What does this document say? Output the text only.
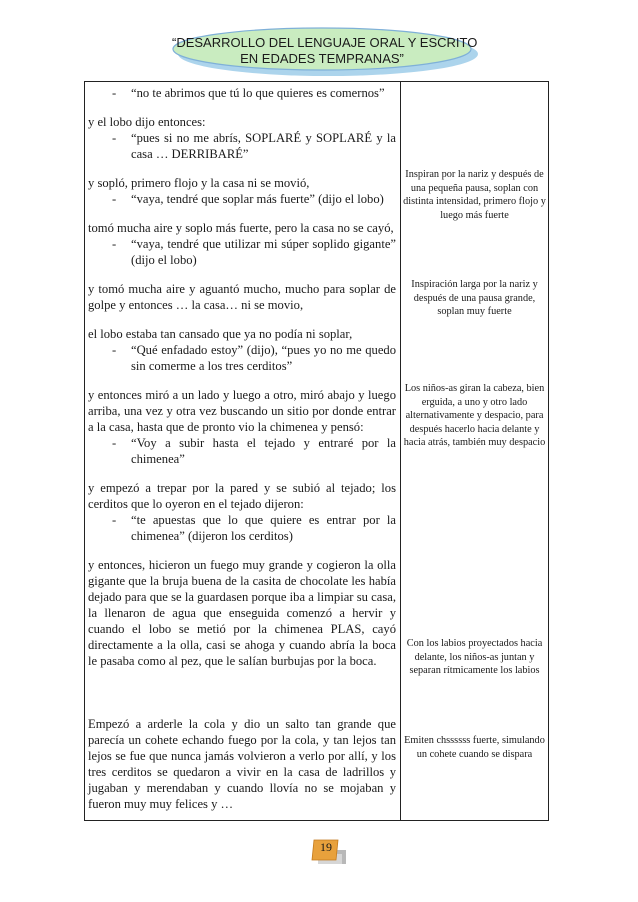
“DESARROLLO DEL LENGUAJE ORAL Y ESCRITO
EN EDADES TEMPRANAS”

- “no te abrimos que tú lo que quieres es comernos”

y el lobo dijo entonces:

- “pues si no me abrís, SOPLARÉ y SOPLARÉ y la casa … DERRIBARÉ”

y sopló, primero flojo y la casa ni se movió,

- “vaya, tendré que soplar más fuerte” (dijo el lobo)

tomó mucha aire y soplo más fuerte, pero la casa no se cayó,

- “vaya, tendré que utilizar mi súper soplido gigante” (dijo el lobo)

y tomó mucha aire y aguantó mucho, mucho para soplar de golpe y entonces … la casa… ni se movio,

el lobo estaba tan cansado que ya no podía ni soplar,

- “Qué enfadado estoy” (dijo), “pues yo no me quedo sin comerme a los tres cerditos”

y entonces miró a un lado y luego a otro, miró abajo y luego arriba, una vez y otra vez buscando un sitio por donde entrar a la casa, hasta que de pronto vio la chimenea y pensó:

- “Voy a subir hasta el tejado y entraré por la chimenea”

y empezó a trepar por la pared y se subió al tejado; los cerditos que lo oyeron en el tejado dijeron:

- “te apuestas que lo que quiere es entrar por la chimenea” (dijeron los cerditos)

y entonces, hicieron un fuego muy grande y cogieron la olla gigante que la bruja buena de la casita de chocolate les había dejado para que se la guardasen porque iba a limpiar su casa, la llenaron de agua que enseguida comenzó a hervir y cuando el lobo se metió por la chimenea PLAS, cayó directamente a la olla, casi se ahoga y cuando abría la boca le pasaba como al pez, que le salían burbujas por la boca.

Empezó a arderle la cola y dio un salto tan grande que parecía un cohete echando fuego por la cola, y tan lejos tan lejos se fue que nunca jamás volvieron a verlo por allí, y los tres cerditos se quedaron a vivir en la casa de ladrillos y jugaban y merendaban y cuando llovía no se mojaban y fueron muy muy felices y …

Inspiran por la nariz y después de una pequeña pausa, soplan con distinta intensidad, primero flojo y luego más fuerte
Inspiración larga por la nariz y después de una pausa grande, soplan muy fuerte
Los niños-as giran la cabeza, bien erguida, a uno y otro lado alternativamente y despacio, para después hacerlo hacia delante y hacia atrás, también muy despacio
Con los labios proyectados hacia delante, los niños-as juntan y separan rítmicamente los labios
Emiten chssssss fuerte, simulando un cohete cuando se dispara
19
